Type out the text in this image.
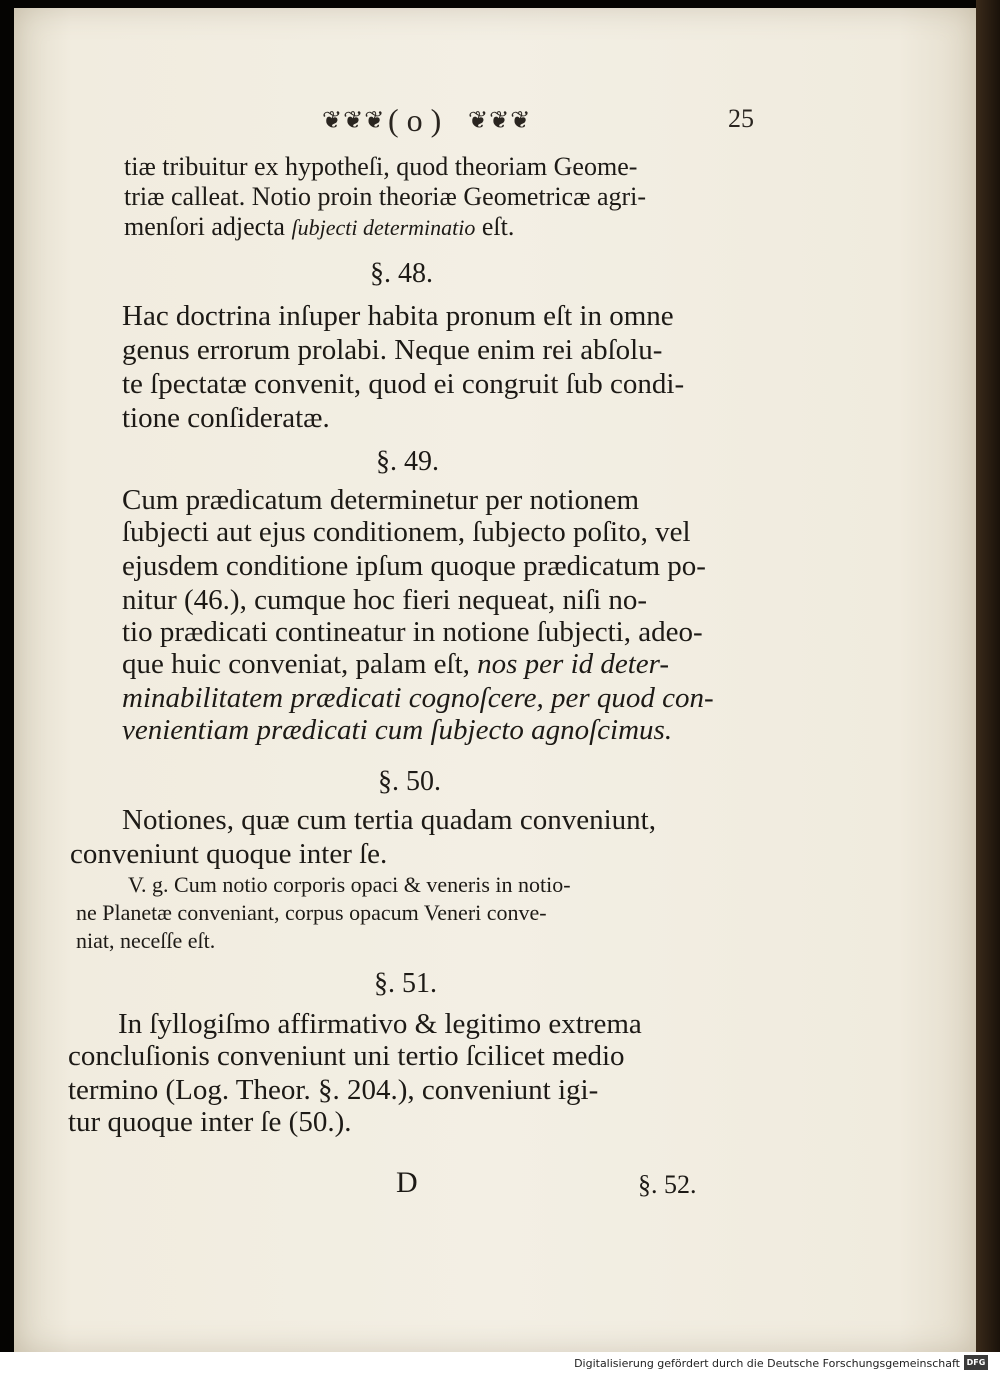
❦❦❦ ( o ) ❦❦❦	25
tiæ tribuitur ex hypotheſi, quod theoriam Geome-
triæ calleat. Notio proin theoriæ Geometricæ agri-
menſori adjecta ſubjecti determinatio eſt.
§. 48.
Hac doctrina inſuper habita pronum eſt in omne
genus errorum prolabi. Neque enim rei abſolu-
te ſpectatæ convenit, quod ei congruit ſub condi-
tione conſideratæ.
§. 49.
Cum prædicatum determinetur per notionem
ſubjecti aut ejus conditionem, ſubjecto poſito, vel
ejusdem conditione ipſum quoque prædicatum po-
nitur (46.), cumque hoc fieri nequeat, niſi no-
tio prædicati contineatur in notione ſubjecti, adeo-
que huic conveniat, palam eſt, nos per id deter-
minabilitatem prædicati cognoſcere, per quod con-
venientiam prædicati cum ſubjecto agnoſcimus.
§. 50.
Notiones, quæ cum tertia quadam conveniunt,
conveniunt quoque inter ſe.
V. g. Cum notio corporis opaci & veneris in notio-
ne Planetæ conveniant, corpus opacum Veneri conve-
niat, neceſſe eſt.
§. 51.
In ſyllogiſmo affirmativo & legitimo extrema
concluſionis conveniunt uni tertio ſcilicet medio
termino (Log. Theor. §. 204.), conveniunt igi-
tur quoque inter ſe (50.).
D	§. 52.
Digitalisierung gefördert durch die Deutsche Forschungsgemeinschaft DFG
